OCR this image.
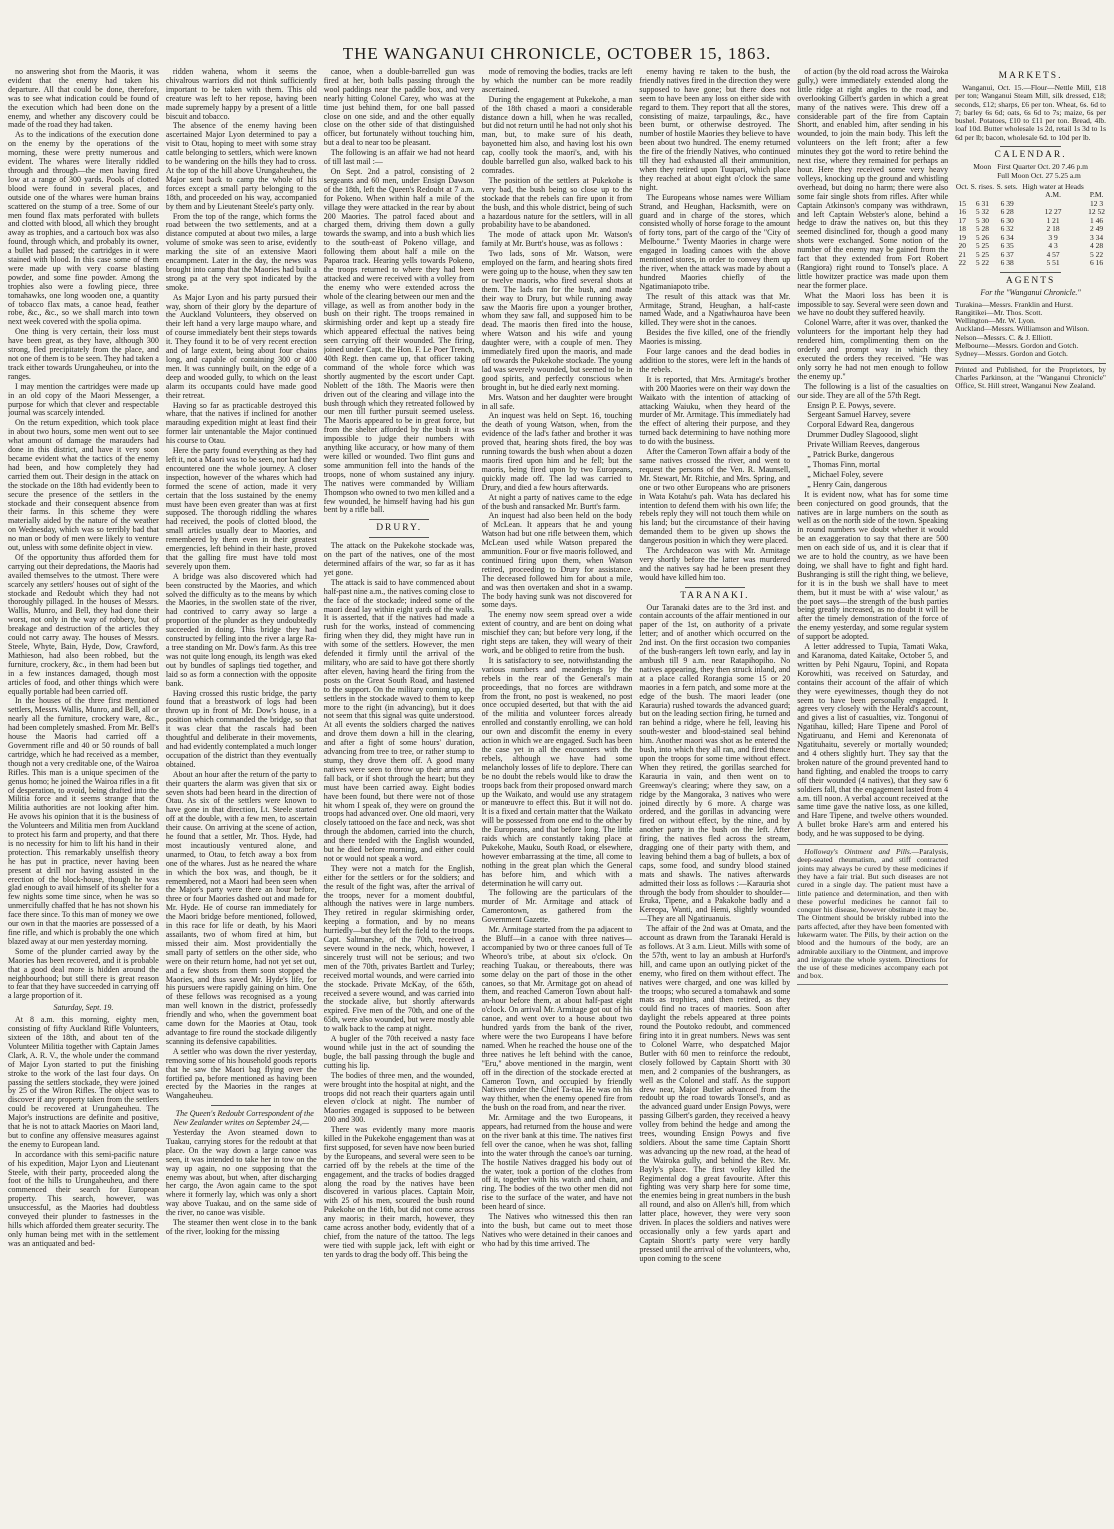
THE WANGANUI CHRONICLE, OCTOBER 15, 1863.

no answering shot from the Maoris, it was evident that the enemy had taken his departure. All that could be done, therefore, was to see what indication could be found of the execution which had been done on the enemy, and whether any discovery could be made of the road they had taken.

As to the indications of the execution done on the enemy by the operations of the morning, these were pretty numerous and evident. The whares were literally riddled through and through—the men having fired low at a range of 300 yards. Pools of clotted blood were found in several places, and outside one of the whares were human brains scattered on the stump of a tree. Some of our men found flax mats perforated with bullets and clotted with blood, all which they brought away as trophies, and a cartouch box was also found, through which, and probably its owner, a bullet had passed; the cartridges in it were stained with blood. In this case some of them were made up with very coarse blasting powder, and some fine powder. Among the trophies also were a fowling piece, three tomahawks, one long wooden one, a quantity of tobacco flax mats, a canoe head, feather robe, &c., &c., so we shall march into town next week covered with the spolia opima.

One thing is very certain, their loss must have been great, as they have, although 300 strong, fled precipitately from the place, and not one of them is to be seen. They had taken a track either towards Urungaheuheu, or into the ranges.

I may mention the cartridges were made up in an old copy of the Maori Messenger, a purpose for which that clever and respectable journal was scarcely intended.

On the return expedition, which took place in about two hours, some men went out to see what amount of damage the marauders had done in this district, and have it very soon became evident what the tactics of the enemy had been, and how completely they had carried them out. Their design in the attack on the stockade on the 18th had evidently been to secure the presence of the settlers in the stockade and their consequent absence from their farms. In this scheme they were materially aided by the nature of the weather on Wednesday, which was so terribly bad that no man or body of men were likely to venture out, unless with some definite object in view.

Of the opportunity thus afforded them for carrying out their depredations, the Maoris had availed themselves to the utmost. There were scarcely any settlers' houses out of sight of the stockade and Redoubt which they had not thoroughly pillaged. In the houses of Messrs. Wallis, Munro, and Bell, they had done their worst, not only in the way of robbery, but of breakage and destruction of the articles they could not carry away. The houses of Messrs. Steele, Whyte, Bain, Hyde, Dow, Crawford, Mathieson, had also been robbed, but the furniture, crockery, &c., in them had been but in a few instances damaged, though most articles of food, and other things which were equally portable had been carried off.

In the houses of the three first mentioned settlers, Messrs. Wallis, Munro, and Bell, all or nearly all the furniture, crockery ware, &c., had been completely smashed. From Mr. Bell's house the Maoris had carried off a Government rifle and 40 or 50 rounds of ball cartridge, which he had received as a member, though not a very creditable one, of the Wairoa Rifles. This man is a unique specimen of the genus homo; he joined the Wairoa rifles in a fit of desperation, to avoid, being drafted into the Militia force and it seems strange that the Militia authorities are not looking after him. He avows his opinion that it is the business of the Volunteers and Militia men from Auckland to protect his farm and property, and that there is no necessity for him to lift his hand in their protection. This remarkably unselfish theory he has put in practice, never having been present at drill nor having assisted in the erection of the block-house, though he was glad enough to avail himself of its shelter for a few nights some time since, when he was so unmercifully chaffed that he has not shown his face there since. To this man of money we owe our own in that the maories are possessed of a fine rifle, and which is probably the one which blazed away at our men yesterday morning.

Some of the plunder carried away by the Maories has been recovered, and it is probable that a good deal more is hidden around the neighbourhood; but still there is great reason to fear that they have succeeded in carrying off a large proportion of it.

Saturday, Sept. 19.

At 8 a.m. this morning, eighty men, consisting of fifty Auckland Rifle Volunteers, sixteen of the 18th, and about ten of the Volunteer Militia together with Captain James Clark, A. R. V., the whole under the command of Major Lyon started to put the finishing stroke to the work of the last four days. On passing the settlers stockade, they were joined by 25 of the Wiron Rifles. The object was to discover if any property taken from the settlers could be recovered at Urungaheuheu. The Major's instructions are definite and positive, that he is not to attack Maories on Maori land, but to confine any offensive measures against the enemy to European land.

In accordance with this semi-pacific nature of his expedition, Major Lyon and Lieutenant Steele, with their party, proceeded along the foot of the hills to Urungaheuheu, and there commenced their search for European property. This search, however, was unsuccessful, as the Maories had doubtless conveyed their plunder to fastnesses in the hills which afforded them greater security. The only human being met with in the settlement was an antiquated and bed-

ridden wahena, whom it seems the chivalrous warriors did not think sufficiently important to be taken with them. This old creature was left to her repose, having been made supremely happy by a present of a little biscuit and tobacco.

The absence of the enemy having been ascertained Major Lyon determined to pay a visit to Otau, hoping to meet with some stray cattle belonging to settlers, which were known to be wandering on the hills they had to cross. At the top of the hill above Urungaheuheu, the Major sent back to camp the whole of his forces except a small party belonging to the 18th, and proceeded on his way, accompanied by them and by Lieutenant Steele's party only.

From the top of the range, which forms the road between the two settlements, and at a distance computed at about two miles, a large volume of smoke was seen to arise, evidently marking the site of an extensive Maori encampment. Later in the day, the news was brought into camp that the Maories had built a strong pa at the very spot indicated by the smoke.

As Major Lyon and his party pursued their way, shorn of their glory by the departure of the Auckland Volunteers, they observed on their left hand a very large maupo whare, and of course immediately bent their steps towards it. They found it to be of very recent erection and of large extent, being about four chains long, and capable of containing 300 or 400 men. It was cunningly built, on the edge of a deep and wooded gully, to which on the least alarm its occupants could have made good their retreat.

Having so far as practicable destroyed this whare, that the natives if inclined for another marauding expedition might at least find their former lair untenantable the Major continued his course to Otau.

Here the party found everything as they had left it, not a Maori was to be seen, nor had they encountered one the whole journey. A closer inspection, however of the whares which had formed the scene of action, made it very certain that the loss sustained by the enemy must have been even greater than was at first supposed. The thorough riddling the whares had received, the pools of clotted blood, the small articles usually dear to Maories, and remembered by them even in their greatest emergencies, left behind in their haste, proved that the galling fire must have told most severely upon them.

A bridge was also discovered which had been constructed by the Maories, and which solved the difficulty as to the means by which the Maories, in the swollen state of the river, had contrived to carry away so large a proportion of the plunder as they undoubtedly succeeded in doing. This bridge they had constructed by felling into the river a large Ra-a tree standing on Mr. Dow's farm. As this tree was not quite long enough, its length was eked out by bundles of saplings tied together, and laid so as form a connection with the opposite bank.

Having crossed this rustic bridge, the party found that a breastwork of logs had been thrown up in front of Mr. Dow's house, in a position which commanded the bridge, so that it was clear that the rascals had been thoughtful and deliberate in their movements, and had evidently contemplated a much longer occupation of the district than they eventually obtained.

About an hour after the return of the party to their quarters the alarm was given that six or seven shots had been heard in the direction of Otau. As six of the settlers were known to have gone in that direction, Lt. Steele started off at the double, with a few men, to ascertain their cause. On arriving at the scene of action, he found that a settler, Mr. Thos. Hyde, had most incautiously ventured alone, and unarmed, to Otau, to fetch away a box from one of the whares. Just as he neared the whare in which the box was, and though, be it remembered, not a Maori had been seen when the Major's party were there an hour before, three or four Maories dashed out and made for Mr. Hyde. He of course ran immediately for the Maori bridge before mentioned, followed, in this race for life or death, by his Maori assailants, two of whom fired at him, but missed their aim. Most providentially the small party of settlers on the other side, who were on their return home, had not yet set out, and a few shots from them soon stopped the Maories, and thus saved Mr. Hyde's life, for his pursuers were rapidly gaining on him. One of these fellows was recognised as a young man well known in the district, professedly friendly and who, when the government boat came down for the Maories at Otau, took advantage to fire round the stockade diligently scanning its defensive capabilities.

A settler who was down the river yesterday, removing some of his household goods reports that he saw the Maori bag flying over the fortified pa, before mentioned as having been erected by the Maories in the ranges at Wangaheuheu.

The Queen's Redoubt Correspondent of the New Zealander writes on September 24,—

Yesterday the Avon steamed down to Tuakau, carrying stores for the redoubt at that place. On the way down a large canoe was seen, it was intended to take her in tow on the way up again, no one supposing that the enemy was about, but when, after discharging her cargo, the Avon again came to the spot where it formerly lay, which was only a short way above Tuakau, and on the same side of the river, no canoe was visible.

The steamer then went close in to the bank of the river, looking for the missing

canoe, when a double-barrelled gun was fired at her, both balls passing through the wool paddings near the paddle box, and very nearly hitting Colonel Carey, who was at the time just behind them, for one ball passed close on one side, and and the other equally close on the other side of that distinguished officer, but fortunately without touching him, but a deal to near too be pleasant.

The following is an affair we had not heard of till last mail :—

On Sept. 2nd a patrol, consisting of 2 sergeants and 60 men, under Ensign Dawson of the 18th, left the Queen's Redoubt at 7 a.m. for Pokeno. When within half a mile of the village they were attacked in the rear by about 200 Maories. The patrol faced about and charged them, driving them down a gully towards the swamp, and into a bush which lies to the south-east of Pokeno village, and following them about half a mile on the Paparoa track. Hearing yells towards Pokeno, the troops returned to where they had been attacked and were received with a volley from the enemy who were extended across the whole of the clearing between our men and the village, as well as from another body in the bush on their right. The troops remained in skirmishing order and kept up a steady fire which appeared effectual the natives being seen carrying off their wounded. The firing, joined under Capt. the Hon. F. Le Poer Trench, 40th Regt. then came up, that officer taking command of the whole force which was shortly augmented by the escort under Capt. Noblett of the 18th. The Maoris were then driven out of the clearing and village into the bush through which they retreated followed by our men till further pursuit seemed useless. The Maoris appeared to be in great force, but from the shelter afforded by the bush it was impossible to judge their numbers with anything like accuracy, or how many of them were killed or wounded. Two flint guns and some ammunition fell into the hands of the troops, none of whom sustained any injury. The natives were commanded by William Thompson who owned to two men killed and a few wounded, he himself having had his gun bent by a rifle ball.

DRURY.

The attack on the Pukekohe stockade was, on the part of the natives, one of the most determined affairs of the war, so far as it has yet gone.

The attack is said to have commenced about half-past nine a.m., the natives coming close to the face of the stockade; indeed some of the maori dead lay within eight yards of the walls. It is asserted, that if the natives had made a rush for the works, instead of commencing firing when they did, they might have run in with some of the settlers. However, the men defended it firmly until the arrival of the military, who are said to have got there shortly after eleven, having heard the firing from the posts on the Great South Road, and hastened to the support. On the military coming up, the settlers in the stockade waved to them to keep more to the right (in advancing), but it does not seem that this signal was quite understood. At all events the soldiers charged the natives and drove them down a hill in the clearing, and after a fight of some hours' duration, advancing from tree to tree, or rather stump to stump, they drove them off. A good many natives were seen to throw up their arms and fall back, or if shot through the heart; but they must have been carried away. Eight bodies have been found, but there were not of those hit whom I speak of, they were on ground the troops had advanced over. One old maori, very closely tattooed on the face and neck, was shot through the abdomen, carried into the church, and there tended with the English wounded, but he died before morning, and either could not or would not speak a word.

They were not a match for the English, either for the settlers or for the soldiers; and the result of the fight was, after the arrival of the troops, never for a moment doubtful, although the natives were in large numbers. They retired in regular skirmishing order, keeping a formation, and by no means hurriedly—but they left the field to the troops. Capt. Saltmarshe, of the 70th, received a severe wound in the neck, which, however, I sincerely trust will not be serious; and two men of the 70th, privates Bartlett and Turley; received mortal wounds, and were carried into the stockade. Private McKay, of the 65th, received a severe wound, and was carried into the stockade alive, but shortly afterwards expired. Five men of the 70th, and one of the 65th, were also wounded, but were mostly able to walk back to the camp at night.

A bugler of the 70th received a nasty face wound while just in the act of sounding the bugle, the ball passing through the bugle and cutting his lip.

The bodies of three men, and the wounded, were brought into the hospital at night, and the troops did not reach their quarters again until eleven o'clock at night. The number of Maories engaged is supposed to be between 200 and 300.

There was evidently many more maoris killed in the Pukekohe engagement than was at first supposed, for seven have now been buried by the Europeans, and several were seen to be carried off by the rebels at the time of the engagement, and the tracks of bodies dragged along the road by the natives have been discovered in various places. Captain Moir, with 25 of his men, scoured the bush round Pukekohe on the 16th, but did not come across any maoris; in their march, however, they came across another body, evidently that of a chief, from the nature of the tattoo. The legs were tied with supple jack, left with eight or ten yards to drag the body off. This being the

mode of removing the bodies, tracks are left by which the number can be more readily ascertained.

During the engagement at Pukekohe, a man of the 18th chased a maori a considerable distance down a hill, when he was recalled, but did not return until he had not only shot his man, but, to make sure of his death, bayonetted him also, and having lost his own cap, coolly took the maori's, and, with his double barrelled gun also, walked back to his comrades.

The position of the settlers at Pukekohe is very bad, the bush being so close up to the stockade that the rebels can fire upon it from the bush, and this whole district, being of such a hazardous nature for the settlers, will in all probability have to be abandoned.

The mode of attack upon Mr. Watson's family at Mr. Burtt's house, was as follows :

Two lads, sons of Mr. Watson, were employed on the farm, and hearing shots fired were going up to the house, when they saw ten or twelve maoris, who fired several shots at them. The lads ran for the bush, and made their way to Drury, but while running away saw the Maoris fire upon a younger brother, whom they saw fall, and supposed him to be dead. The maoris then fired into the house, where Watson and his wife and young daughter were, with a couple of men. They immediately fired upon the maoris, and made off towards the Pukekohe stockade. The young lad was severely wounded, but seemed to be in good spirits, and perfectly conscious when brought in, but he died early next morning.

Mrs. Watson and her daughter were brought in all safe.

An inquest was held on Sept. 16, touching the death of young Watson, when, from the evidence of the lad's father and brother it was proved that, hearing shots fired, the boy was running towards the bush when about a dozen maoris fired upon him and he fell; but the maoris, being fired upon by two Europeans, quickly made off. The lad was carried to Drury, and died a few hours afterwards.

At night a party of natives came to the edge of the bush and ransacked Mr. Burtt's farm.

An inquest had also been held on the body of McLean. It appears that he and young Watson had but one rifle between them, which McLean used while Watson prepared the ammunition. Four or five maoris followed, and continued firing upon them, when Watson retired, proceeding to Drury for assistance. The deceased followed him for about a mile, and was then overtaken and shot in a swamp. The body having sunk was not discovered for some days.

The enemy now seem spread over a wide extent of country, and are bent on doing what mischief they can; but before very long, if the right steps are taken, they will weary of their work, and be obliged to retire from the bush.

It is satisfactory to see, notwithstanding the various numbers and meanderings by the rebels in the rear of the General's main proceedings, that no forces are withdrawn from the front, no post is weakened, no post once occupied deserted, but that with the aid of the militia and volunteer forces already enrolled and constantly enrolling, we can hold our own and discomfit the enemy in every action in which we are engaged. Such has been the case yet in all the encounters with the rebels, although we have had some melancholy losses of life to deplore. There can be no doubt the rebels would like to draw the troops back from their proposed onward march up the Waikato, and would use any stratagem or manœuvre to effect this. But it will not do. It is a fixed and certain matter that the Waikato will be possessed from one end to the other by the Europeans, and that before long. The little raids which are constantly taking place at Pukekohe, Mauku, South Road, or elsewhere, however embarrassing at the time, all come to nothing in the great plan which the General has before him, and which with a determination he will carry out.

The following are the particulars of the murder of Mr. Armitage and attack of Camerontown, as gathered from the Government Gazette.

Mr. Armitage started from the pa adjacent to the Bluff—in a canoe with three natives—accompanied by two or three canoes full of Te Wheoro's tribe, at about six o'clock. On reaching Tuakau, or thereabouts, there was some delay on the part of those in the other canoes, so that Mr. Armitage got on ahead of them, and reached Cameron Town about half-an-hour before them, at about half-past eight o'clock. On arrival Mr. Armitage got out of his canoe, and went over to a house about two hundred yards from the bank of the river, where were the two Europeans I have before named. When he reached the house one of the three natives he left behind with the canoe, "Eru," above mentioned in the margin, went off in the direction of the stockade erected at Cameron Town, and occupied by friendly Natives under the Chief Ta-tua. He was on his way thither, when the enemy opened fire from the bush on the road from, and near the river.

Mr. Armitage and the two Europeans, it appears, had returned from the house and were on the river bank at this time. The natives first fell over the canoe, when he was shot, falling into the water through the canoe's oar turning. The hostile Natives dragged his body out of the water, took a portion of the clothes from off it, together with his watch and chain, and ring. The bodies of the two other men did not rise to the surface of the water, and have not been heard of since.

The Natives who witnessed this then ran into the bush, but came out to meet those Natives who were detained in their canoes and who had by this time arrived. The

enemy having re taken to the bush, the friendly natives fired in the direction they were supposed to have gone; but there does not seem to have been any loss on either side with regard to them. They report that all the stores, consisting of maize, tarpaulings, &c., have been burnt, or otherwise destroyed. The number of hostile Maories they believe to have been about two hundred. The enemy returned the fire of the friendly Natives, who continued till they had exhausted all their ammunition, when they retired upon Tuupari, which place they reached at about eight o'clock the same night.

The Europeans whose names were William Strand, and Heughan, Hacksmith, were on guard and in charge of the stores, which consisted wholly of horse forage to the amount of forty tons, part of the cargo of the "City of Melbourne." Twenty Maories in charge were engaged in loading canoes with the above mentioned stores, in order to convey them up the river, when the attack was made by about a hundred Maories chiefly of the Ngatimaniapoto tribe.

The result of this attack was that Mr. Armitage, Strand, Heughan, a half-caste named Wade, and a Ngatiwhauroa have been killed. They were shot in the canoes.

Besides the five killed, one of the friendly Maories is missing.

Four large canoes and the dead bodies in addition to the stores, were left in the hands of the rebels.

It is reported, that Mrs. Armitage's brother with 200 Maories were on their way down the Waikato with the intention of attacking of attacking Waiuku, when they heard of the murder of Mr. Armitage. This immediately had the effect of altering their purpose, and they turned back determining to have nothing more to do with the business.

After the Cameron Town affair a body of the same natives crossed the river, and went to request the persons of the Ven. R. Maunsell, Mr. Stewart, Mr. Ritchie, and Mrs. Spring, and one or two other Europeans who are prisoners in Wata Kotahu's pah. Wata has declared his intention to defend them with his own life; the rebels reply they will not touch them while on his land; but the circumstance of their having demanded them to be given up shows the dangerous position in which they were placed.

The Archdeacon was with Mr. Armitage very shortly before the latter was murdered and the natives say had he been present they would have killed him too.

TARANAKI.

Our Taranaki dates are to the 3rd inst. and contain accounts of the affair mentioned in our paper of the 1st, on authority of a private letter; and of another which occurred on the 2nd inst. On the first occasion two companies of the bush-rangers left town early, and lay in ambush till 9 a.m. near Ratapihopiho. No natives appearing, they then struck inland, and at a place called Rorangia some 15 or 20 maories in a fern patch, and some more at the edge of the bush. The maori leader (one Karauria) rushed towards the advanced guard; but on the leading section firing, he turned and ran behind a ridge, where he fell, leaving his south-wester and blood-stained seal behind him. Another maori was shot as he entered the bush, into which they all ran, and fired thence upon the troops for some time without effect. When they retired, the gorillas searched for Karauria in vain, and then went on to Greenway's clearing; where they saw, on a ridge by the Mangoraka, 3 natives who were joined directly by 6 more. A charge was ordered, and the gorillas in advancing were fired on without effect, by the nine, and by another party in the bush on the left. After firing, the natives fled across the stream, dragging one of their party with them, and leaving behind them a bag of bullets, a box of caps, some food, and sundry blood stained mats and shawls. The natives afterwards admitted their loss as follows :—Karauria shot through the body from shoulder to shoulder—Eruka, Tipene, and a Pakakohe badly and a Kereopa, Wanti, and Hemi, slightly wounded—They are all Ngatiruanuis.

The affair of the 2nd was at Omata, and the account as drawn from the Taranaki Herald is as follows. At 3 a.m. Lieut. Mills with some of the 57th, went to lay an ambush at Hurford's hill, and came upon an outlying picket of the enemy, who fired on them without effect. The natives were charged, and one was killed by the troops; who secured a tomahawk and some mats as trophies, and then retired, as they could find no traces of maories. Soon after daylight the rebels appeared at three points round the Poutoko redoubt, and commenced firing into it in great numbers. News was sent to Colonel Warre, who despatched Major Butler with 60 men to reinforce the redoubt, closely followed by Captain Shortt with 30 men, and 2 companies of the bushrangers, as well as the Colonel and staff. As the support drew near, Major Butler advanced from the redoubt up the road towards Tonsel's, and as the advanced guard under Ensign Powys, were passing Gilbert's garden, they received a heavy volley from behind the hedge and among the trees, wounding Ensign Powys and five soldiers. About the same time Captain Shortt was advancing up the new road, at the head of the Wairoka gully, and behind the Rev. Mr. Bayly's place. The first volley killed the Regimental dog a great favourite. After this fighting was very sharp here for some time, the enemies being in great numbers in the bush all round, and also on Allen's hill, from which latter place, however, they were very soon driven. In places the soldiers and natives were occasionally only a few yards apart and Captain Shortt's party were very hardly pressed until the arrival of the volunteers, who, upon coming to the scene

of action (by the old road across the Wairoka gully,) were immediately extended along the little ridge at right angles to the road, and overlooking Gilbert's garden in which a great many of the natives were. This drew off a considerable part of the fire from Captain Shortt, and enabled him, after sending in his wounded, to join the main body. This left the volunteers on the left front; after a few minutes they got the word to retire behind the next rise, where they remained for perhaps an hour. Here they received some very heavy volleys, knocking up the ground and whistling overhead, but doing no harm; there were also some fair single shots from rifles. After while Captain Atkinson's company was withdrawn, and left Captain Webster's alone, behind a hedge to draw the natives on, but this they seemed disinclined for, though a good many shots were exchanged. Some notion of the number of the enemy may be gained from the fact that they extended from Fort Robert (Rangiora) right round to Tonsel's place. A little howitzer practice was made upon them near the former place.

What the Maori loss has been it is impossible to say. Several were seen down and we have no doubt they suffered heavily.

Colonel Warre, after it was over, thanked the volunteers for the important help they had rendered him, complimenting them on the orderly and prompt way in which they executed the orders they received. "He was only sorry he had not men enough to follow the enemy up."

The following is a list of the casualties on our side. They are all of the 57th Regt.

Ensign P. E. Powys, severe.

Sergeant Samuel Harvey, severe

Corporal Edward Rea, dangerous

Drummer Dudley Slagoood, slight

Private William Reeves, dangerous

„ Patrick Burke, dangerous

„ Thomas Finn, mortal

„ Michael Foley, severe

„ Henry Cain, dangerous

It is evident now, what has for some time been conjectured on good grounds, that the natives are in large numbers on the south as well as on the north side of the town. Speaking in round numbers we doubt whether it would be an exaggeration to say that there are 500 men on each side of us, and it is clear that if we are to hold the country, as we have been doing, we shall have to fight and fight hard. Bushranging is still the right thing, we believe, for it is in the bush we shall have to meet them, but it must be with a‘ wise valour,’ as the poet says—the strength of the bush parties being greatly increased, as no doubt it will be after the timely demonstration of the force of the enemy yesterday, and some regular system of support be adopted.

A letter addressed to Tupia, Tamati Waka, and Karanoma, dated Kaitake, October 5, and written by Pehi Ngauru, Topini, and Ropata Korowhiti, was received on Saturday, and contains their account of the affair of which they were eyewitnesses, though they do not seem to have been personally engaged. It agrees very closely with the Herald's account, and gives a list of casualties, viz. Tongonui of Ngatihau, killed; Hare Tipene and Porol of Ngatiruanu, and Hemi and Kerenonata of Ngatituhaitu, severely or mortally wounded; and 4 others slightly hurt. They say that the broken nature of the ground prevented hand to hand fighting, and enabled the troops to carry off their wounded (4 natives), that they saw 6 soldiers fall, that the engagement lasted from 4 a.m. till noon. A verbal account received at the same time gave the native loss, as one killed, and Hare Tipene, and twelve others wounded. A bullet broke Hare's arm and entered his body, and he was supposed to be dying.

Holloway's Ointment and Pills.—Paralysis, deep-seated rheumatism, and stiff contracted joints may always be cured by these medicines if they have a fair trial. But such diseases are not cured in a single day. The patient must have a little patience and determination, and then with these powerful medicines he cannot fail to conquer his disease, however obstinate it may be. The Ointment should be briskly rubbed into the parts affected, after they have been fomented with lukewarm water. The Pills, by their action on the blood and the humours of the body, are an admirable auxiliary to the Ointment, and improve and invigorate the whole system. Directions for the use of these medicines accompany each pot and box.

MARKETS.

Wanganui, Oct. 15.—Flour—Nettle Mill, £18 per ton; Wanganui Steam Mill, silk dressed, £18; seconds, £12; sharps, £6 per ton. Wheat, 6s. 6d to 7; barley 6s 6d; oats, 6s 6d to 7s; maize, 6s per bushel. Potatoes, £10 to £11 per ton. Bread, 4lb. loaf 10d. Butter wholesale 1s 2d, retail 1s 3d to 1s 6d per lb; bacon, wholesale 6d. to 10d per lb.

CALENDAR.
Moon First Quarter Oct. 20 7.46 p.m
Full Moon Oct. 27 5.25 a.m
Oct.	S. rises.	S. sets.	High water at Heads	
			A.M.	P.M.
15	6 31	6 39		12 3
16	5 32	6 28	12 27	12 52
17	5 30	6 30	1 21	1 46
18	5 28	6 32	2 18	2 49
19	5 26	6 34	3 9	3 34
20	5 25	6 35	4 3	4 28
21	5 25	6 37	4 57	5 22
22	5 22	6 38	5 51	6 16
AGENTS
For the "Wanganui Chronicle."

Turakina—Messrs. Franklin and Hurst.

Rangitikei—Mr. Thos. Scott.

Wellington—Mr. W. Lyon.

Auckland—Messrs. Williamson and Wilson.

Nelson—Messrs. C. & J. Elliott.

Melbourne—Messrs. Gordon and Gotch.

Sydney—Messrs. Gordon and Gotch.

Printed and Published, for the Proprietors, by Charles Parkinson, at the "Wanganui Chronicle" Office, St. Hill street, Wanganui New Zealand.
